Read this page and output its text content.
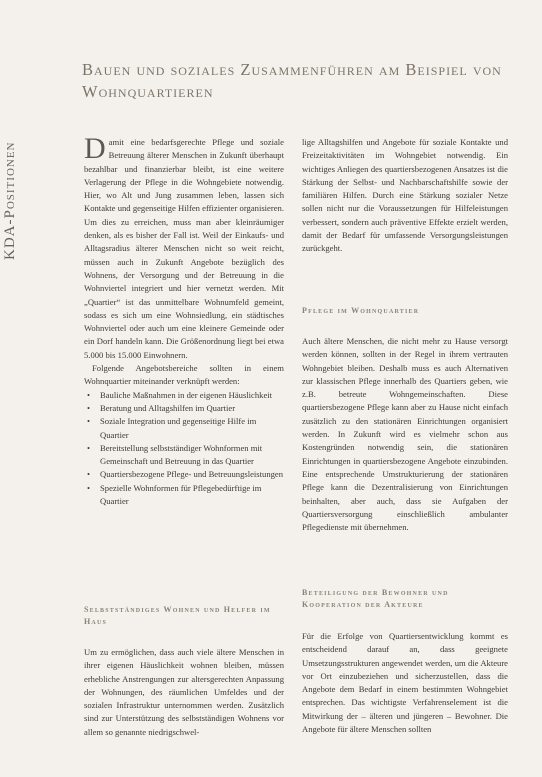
KDA-Positionen
Bauen und soziales Zusammenführen am Beispiel von Wohnquartieren

Damit eine bedarfsgerechte Pflege und soziale Betreuung älterer Menschen in Zukunft überhaupt bezahlbar und finanzierbar bleibt, ist eine weitere Verlagerung der Pflege in die Wohngebiete notwendig. Hier, wo Alt und Jung zusammen leben, lassen sich Kontakte und gegenseitige Hilfen effizienter organisieren. Um dies zu erreichen, muss man aber kleinräumiger denken, als es bisher der Fall ist. Weil der Einkaufs- und Alltagsradius älterer Menschen nicht so weit reicht, müssen auch in Zukunft Angebote bezüglich des Wohnens, der Versorgung und der Betreuung in die Wohnviertel integriert und hier vernetzt werden. Mit „Quartier“ ist das unmittelbare Wohnumfeld gemeint, sodass es sich um eine Wohnsiedlung, ein städtisches Wohnviertel oder auch um eine kleinere Gemeinde oder ein Dorf handeln kann. Die Größenordnung liegt bei etwa 5.000 bis 15.000 Einwohnern.

Folgende Angebotsbereiche sollten in einem Wohnquartier miteinander verknüpft werden:

• Bauliche Maßnahmen in der eigenen Häuslichkeit
• Beratung und Alltagshilfen im Quartier
• Soziale Integration und gegenseitige Hilfe im Quartier
• Bereitstellung selbstständiger Wohnformen mit Gemeinschaft und Betreuung in das Quartier
• Quartiersbezogene Pflege- und Betreuungsleistungen
• Spezielle Wohnformen für Pflegebedürftige im Quartier
Selbstständiges Wohnen und Helfer im Haus

Um zu ermöglichen, dass auch viele ältere Menschen in ihrer eigenen Häuslichkeit wohnen bleiben, müssen erhebliche Anstrengungen zur altersgerechten Anpassung der Wohnungen, des räumlichen Umfeldes und der sozialen Infrastruktur unternommen werden. Zusätzlich sind zur Unterstützung des selbstständigen Wohnens vor allem so genannte niedrigschwel-

lige Alltagshilfen und Angebote für soziale Kontakte und Freizeitaktivitäten im Wohngebiet notwendig. Ein wichtiges Anliegen des quartiersbezogenen Ansatzes ist die Stärkung der Selbst- und Nachbarschaftshilfe sowie der familiären Hilfen. Durch eine Stärkung sozialer Netze sollen nicht nur die Voraussetzungen für Hilfeleistungen verbessert, sondern auch präventive Effekte erzielt werden, damit der Bedarf für umfassende Versorgungsleistungen zurückgeht.

Pflege im Wohnquartier

Auch ältere Menschen, die nicht mehr zu Hause versorgt werden können, sollten in der Regel in ihrem vertrauten Wohngebiet bleiben. Deshalb muss es auch Alternativen zur klassischen Pflege innerhalb des Quartiers geben, wie z.B. betreute Wohngemeinschaften. Diese quartiersbezogene Pflege kann aber zu Hause nicht einfach zusätzlich zu den stationären Einrichtungen organisiert werden. In Zukunft wird es vielmehr schon aus Kostengründen notwendig sein, die stationären Einrichtungen in quartiersbezogene Angebote einzubinden. Eine entsprechende Umstrukturierung der stationären Pflege kann die Dezentralisierung von Einrichtungen beinhalten, aber auch, dass sie Aufgaben der Quartiersversorgung einschließlich ambulanter Pflegedienste mit übernehmen.

Beteiligung der Bewohner und Kooperation der Akteure

Für die Erfolge von Quartiersentwicklung kommt es entscheidend darauf an, dass geeignete Umsetzungsstrukturen angewendet werden, um die Akteure vor Ort einzubeziehen und sicherzustellen, dass die Angebote dem Bedarf in einem bestimmten Wohngebiet entsprechen. Das wichtigste Verfahrenselement ist die Mitwirkung der – älteren und jüngeren – Bewohner. Die Angebote für ältere Menschen sollten
